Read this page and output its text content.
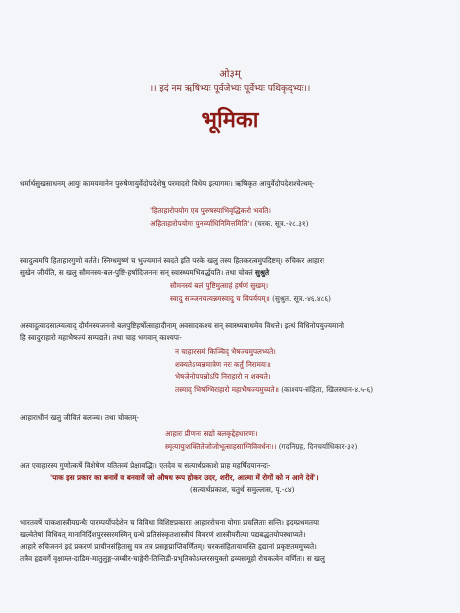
ओ३म्
।। इदं नम ऋषिभ्यः पूर्वजेभ्यः पूर्वेभ्यः पथिकृद्भ्यः।।
भूमिका
धर्मार्थसुखसाधनम् आयुः कामयमानेन पुरुषेणायुर्वेदोपदेशेषु परमादरो विधेय इत्यागमः। ऋषिकृत आयुर्वेदोपदेशश्चेत्थम्-
'हिताहारोपयोग एव पुरुषस्याभिवृद्धिकरो भवति।
अहिताहारोपयोगः पुनर्व्याधिनिमित्तमिति'। (चरक. सूत्र.-२८.३१)
स्वादुत्वमपि हिताहारगुणो वर्तते। स्निग्धमुष्णं च भुज्यमानं स्वदते इति परके खलु तस्य हितकरत्वमुपदिष्टम्। रुचिकर आहारः
सुखेन जीर्यति, स खलु सौमनस्य-बल-पुष्टि-हर्षादिजननः सन् स्वास्थ्यमभिवर्द्धयति। तथा चोक्तं सुश्रुते
सौमनस्यं बलं पुष्टिमुत्साहं हर्षणं सुखम्।
स्वादु सञ्जनयत्यन्नमस्वादु च विपर्ययम्॥ (सुश्रुत. सूत्र.-४६.४८६)
अस्वादुत्वादसात्म्यत्वाद् दौर्मनस्यजननो बलपुष्टिहर्षोत्साहादीनाम् अवसादकश्च सन् स्वास्थ्यबाधमेव विधत्ते। इत्थं विधिनोपयुज्यमानो
हि स्वादुराहारो महाभैषज्यं सम्पद्यते। तथा चाह भगवान् काश्यपः-
न चाहारसमं किञ्चिद् भैषज्यमुपलभ्यते।
शक्यतेऽप्यन्नमात्रेण नरः कर्तुं निरामयः॥
भेषजेनोपपन्नोऽपि निराहारो न शक्यते।
तस्माद् भिषग्भिराहारो महाभैषज्यमुच्यते॥ (काश्यप-संहिता, खिलस्थान-४.५-६)
आहाराधीनं खलु जीवितं बलञ्च। तथा चोक्तम्-
आहारः प्रीणनः सद्यो बलकृद्देहधारणः।
स्मृत्यायुःशक्तितेजोजोभूत्साहसाग्निविवर्धनः।। (गदनिग्रह, दिनचर्याधिकार-३२)
अत एवाहारस्य गुणोत्कर्षे विशेषेण यतितव्यं प्रेक्षावद्भिः। एतदेव च सत्यार्थप्रकाशे प्राह महर्षिदयानन्दः-
'पाक इस प्रकार का बनावें व बनवावें जो औषध रूप होकर उदर, शरीर, आत्मा में रोगों को न आने देवें'।
(सत्यार्थप्रकाश, चतुर्थ समुल्लास, पृ.-८४)
भारतवर्षे पाकशास्त्रीयग्रन्थैः पारम्पर्योपदेशेन च विविधा विशिष्टप्रकाराः आहाररोचना योगाः प्रचलिताः सन्ति। इदम्प्रथमतया
खल्वेतेषां विधिवत् मानानिर्दिशपुरस्सरमस्मिन् ग्रन्थे प्रतिसंस्कृतशास्त्रीयं विवरणं शास्त्रीयरीत्या पद्यबद्धतयोपस्थाप्यते।
आहारे रुचिजननं इदं प्रकरणं प्राचीनसंहितासु यत्र तत्र प्रसङ्गप्राप्तिवर्णितम्। चरकसंहितायामस्ति हृद्यानां प्रकृष्टतममुच्यते।
तत्रैव हृद्यवर्गे वृक्षाम्ल-दाडिम-मातुलुङ्ग-जम्बीर-चाङ्गेरी-तिन्तिडी-प्रभृतिकोऽम्लरसयुक्तो द्रव्यसमूहो रोचकत्वेन वर्णितः। स खलु
